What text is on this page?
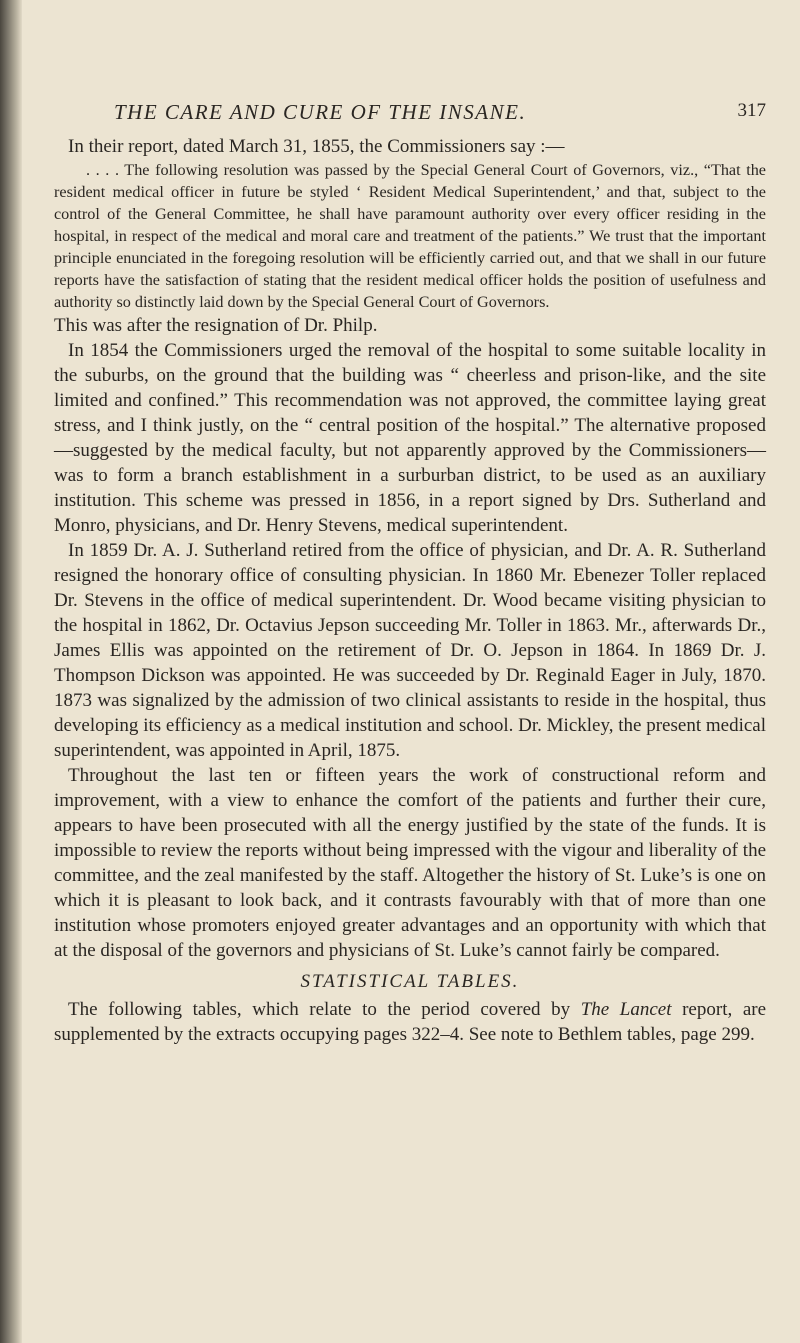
THE CARE AND CURE OF THE INSANE.	317

In their report, dated March 31, 1855, the Commissioners say :—

. . . . The following resolution was passed by the Special General Court of Governors, viz., “That the resident medical officer in future be styled ‘ Resident Medical Superintendent,’ and that, subject to the control of the General Committee, he shall have paramount authority over every officer residing in the hospital, in respect of the medical and moral care and treatment of the patients.” We trust that the important principle enunciated in the foregoing resolution will be efficiently carried out, and that we shall in our future reports have the satisfaction of stating that the resident medical officer holds the position of usefulness and authority so distinctly laid down by the Special General Court of Governors.

This was after the resignation of Dr. Philp.

In 1854 the Commissioners urged the removal of the hospital to some suitable locality in the suburbs, on the ground that the building was “ cheerless and prison-like, and the site limited and confined.” This recommendation was not approved, the committee laying great stress, and I think justly, on the “ central position of the hospital.” The alternative proposed —suggested by the medical faculty, but not apparently approved by the Commissioners—was to form a branch establishment in a surburban district, to be used as an auxiliary institution. This scheme was pressed in 1856, in a report signed by Drs. Sutherland and Monro, physicians, and Dr. Henry Stevens, medical superintendent.

In 1859 Dr. A. J. Sutherland retired from the office of physician, and Dr. A. R. Sutherland resigned the honorary office of consulting physician. In 1860 Mr. Ebenezer Toller replaced Dr. Stevens in the office of medical superintendent. Dr. Wood became visiting physician to the hospital in 1862, Dr. Octavius Jepson succeeding Mr. Toller in 1863. Mr., afterwards Dr., James Ellis was appointed on the retirement of Dr. O. Jepson in 1864. In 1869 Dr. J. Thompson Dickson was appointed. He was succeeded by Dr. Reginald Eager in July, 1870. 1873 was signalized by the admission of two clinical assistants to reside in the hospital, thus developing its efficiency as a medical institution and school. Dr. Mickley, the present medical superintendent, was appointed in April, 1875.

Throughout the last ten or fifteen years the work of constructional reform and improvement, with a view to enhance the comfort of the patients and further their cure, appears to have been prosecuted with all the energy justified by the state of the funds. It is impossible to review the reports without being impressed with the vigour and liberality of the committee, and the zeal manifested by the staff. Altogether the history of St. Luke’s is one on which it is pleasant to look back, and it contrasts favourably with that of more than one institution whose promoters enjoyed greater advantages and an opportunity with which that at the disposal of the governors and physicians of St. Luke’s cannot fairly be compared.

STATISTICAL TABLES.

The following tables, which relate to the period covered by The Lancet report, are supplemented by the extracts occupying pages 322–4. See note to Bethlem tables, page 299.
